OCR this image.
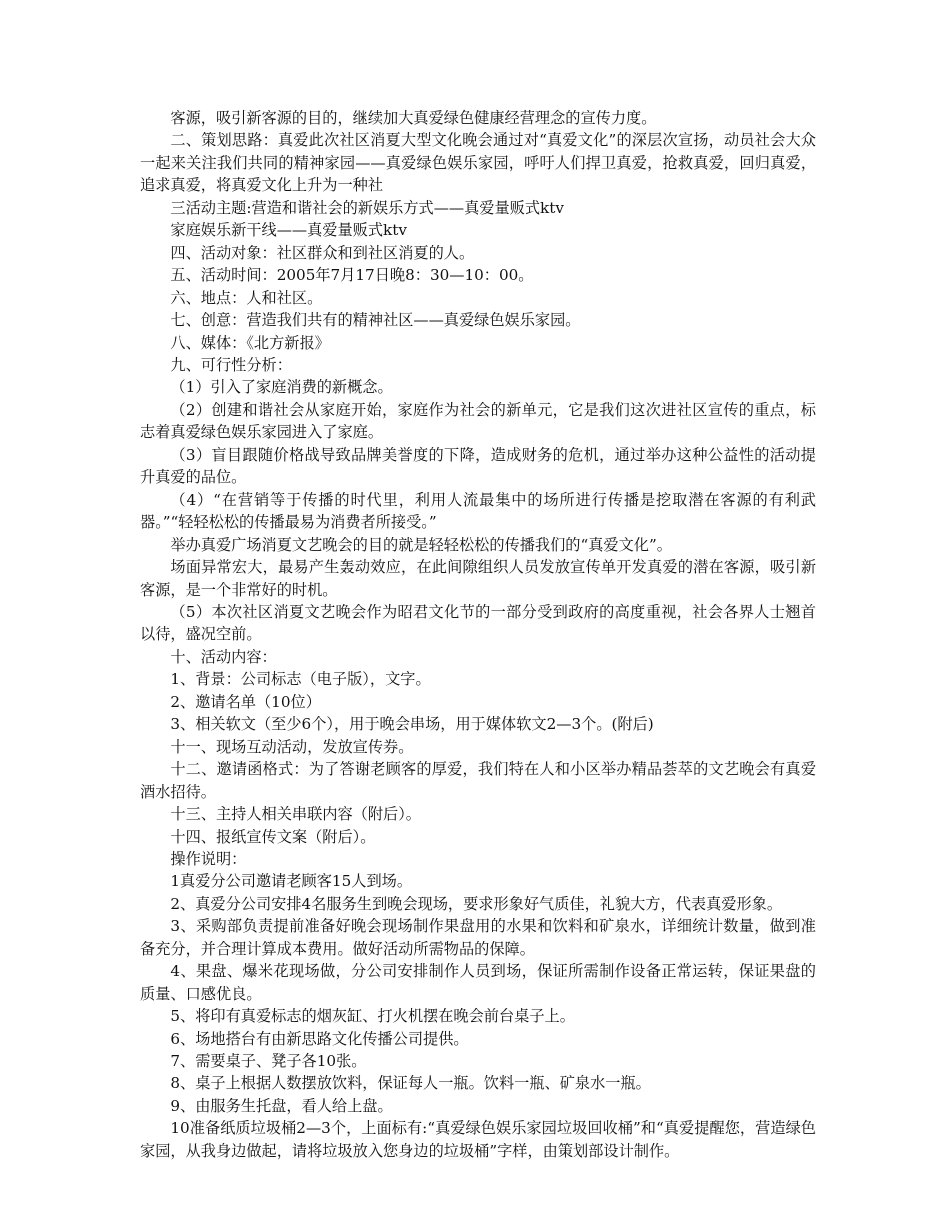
客源，吸引新客源的目的，继续加大真爱绿色健康经营理念的宣传力度。

二、策划思路：真爱此次社区消夏大型文化晚会通过对“真爱文化”的深层次宣扬，动员社会大众一起来关注我们共同的精神家园——真爱绿色娱乐家园，呼吁人们捍卫真爱，抢救真爱，回归真爱，追求真爱，将真爱文化上升为一种社

三活动主题:营造和谐社会的新娱乐方式——真爱量贩式ktv

家庭娱乐新干线——真爱量贩式ktv

四、活动对象：社区群众和到社区消夏的人。

五、活动时间：2005年7月17日晚8：30—10：00。

六、地点：人和社区。

七、创意：营造我们共有的精神社区——真爱绿色娱乐家园。

八、媒体：《北方新报》

九、可行性分析：

（1）引入了家庭消费的新概念。

（2）创建和谐社会从家庭开始，家庭作为社会的新单元，它是我们这次进社区宣传的重点，标志着真爱绿色娱乐家园进入了家庭。

（3）盲目跟随价格战导致品牌美誉度的下降，造成财务的危机，通过举办这种公益性的活动提升真爱的品位。

（4）“在营销等于传播的时代里，利用人流最集中的场所进行传播是挖取潜在客源的有利武器。”“轻轻松松的传播最易为消费者所接受。”

举办真爱广场消夏文艺晚会的目的就是轻轻松松的传播我们的“真爱文化”。

场面异常宏大，最易产生轰动效应，在此间隙组织人员发放宣传单开发真爱的潜在客源，吸引新客源，是一个非常好的时机。

（5）本次社区消夏文艺晚会作为昭君文化节的一部分受到政府的高度重视，社会各界人士翘首以待，盛况空前。

十、活动内容：

1、背景：公司标志（电子版），文字。

2、邀请名单（10位）

3、相关软文（至少6个），用于晚会串场，用于媒体软文2—3个。(附后)

十一、现场互动活动，发放宣传券。

十二、邀请函格式：为了答谢老顾客的厚爱，我们特在人和小区举办精品荟萃的文艺晚会有真爱酒水招待。

十三、主持人相关串联内容（附后）。

十四、报纸宣传文案（附后）。

操作说明：

1真爱分公司邀请老顾客15人到场。

2、真爱分公司安排4名服务生到晚会现场，要求形象好气质佳，礼貌大方，代表真爱形象。

3、采购部负责提前准备好晚会现场制作果盘用的水果和饮料和矿泉水，详细统计数量，做到准备充分，并合理计算成本费用。做好活动所需物品的保障。

4、果盘、爆米花现场做，分公司安排制作人员到场，保证所需制作设备正常运转，保证果盘的质量、口感优良。

5、将印有真爱标志的烟灰缸、打火机摆在晚会前台桌子上。

6、场地搭台有由新思路文化传播公司提供。

7、需要桌子、凳子各10张。

8、桌子上根据人数摆放饮料，保证每人一瓶。饮料一瓶、矿泉水一瓶。

9、由服务生托盘，看人给上盘。

10准备纸质垃圾桶2—3个，上面标有:“真爱绿色娱乐家园垃圾回收桶”和“真爱提醒您，营造绿色家园，从我身边做起，请将垃圾放入您身边的垃圾桶”字样，由策划部设计制作。
